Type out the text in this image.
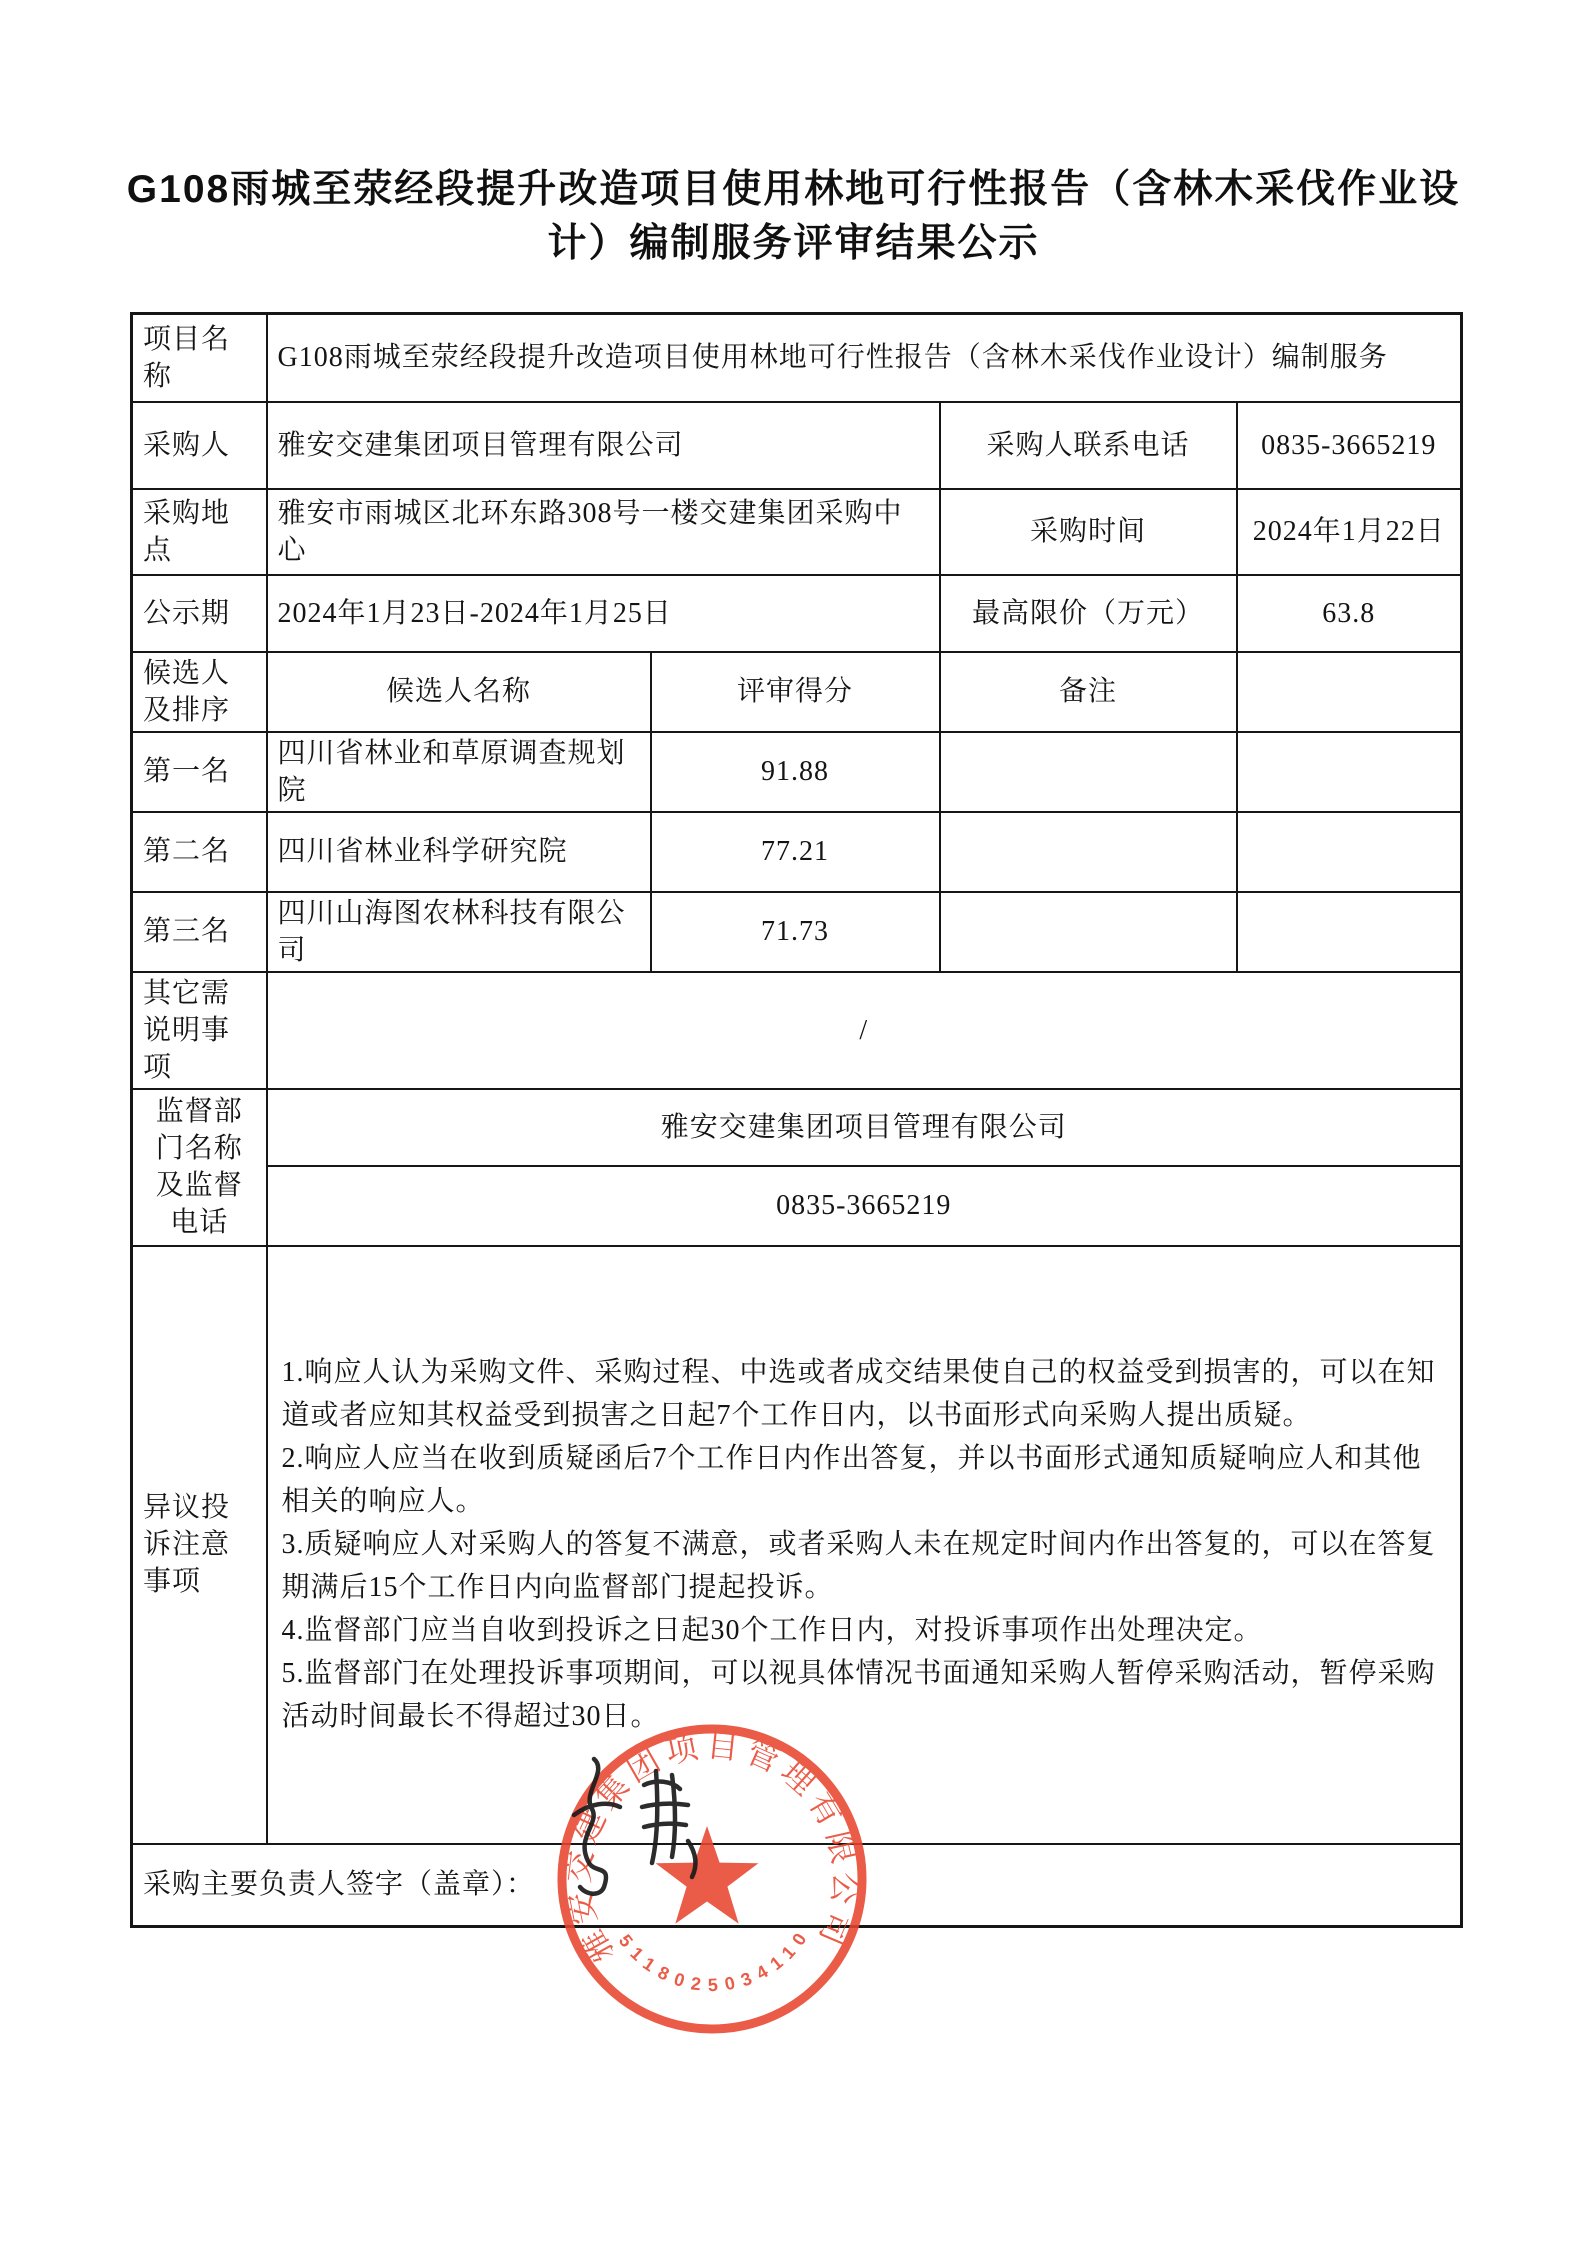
G108雨城至荥经段提升改造项目使用林地可行性报告（含林木采伐作业设
计）编制服务评审结果公示
项目名称	G108雨城至荥经段提升改造项目使用林地可行性报告（含林木采伐作业设计）编制服务			
采购人	雅安交建集团项目管理有限公司		采购人联系电话	0835-3665219
采购地点	雅安市雨城区北环东路308号一楼交建集团采购中心		采购时间	2024年1月22日
公示期	2024年1月23日-2024年1月25日		最高限价（万元）	63.8
候选人及排序	候选人名称	评审得分	备注	
第一名	四川省林业和草原调查规划院	91.88		
第二名	四川省林业科学研究院	77.21		
第三名	四川山海图农林科技有限公司	71.73		
其它需说明事项	/			
监督部门名称及监督电话	雅安交建集团项目管理有限公司			
	0835-3665219			
异议投诉注意事项	1.响应人认为采购文件、采购过程、中选或者成交结果使自己的权益受到损害的，可以在知道或者应知其权益受到损害之日起7个工作日内，以书面形式向采购人提出质疑。

2.响应人应当在收到质疑函后7个工作日内作出答复，并以书面形式通知质疑响应人和其他相关的响应人。

3.质疑响应人对采购人的答复不满意，或者采购人未在规定时间内作出答复的，可以在答复期满后15个工作日内向监督部门提起投诉。

4.监督部门应当自收到投诉之日起30个工作日内，对投诉事项作出处理决定。

5.监督部门在处理投诉事项期间，可以视具体情况书面通知采购人暂停采购活动，暂停采购活动时间最长不得超过30日。			

采购主要负责人签字（盖章）：				
雅安交建集团项目管理有限公司
5118025034110
